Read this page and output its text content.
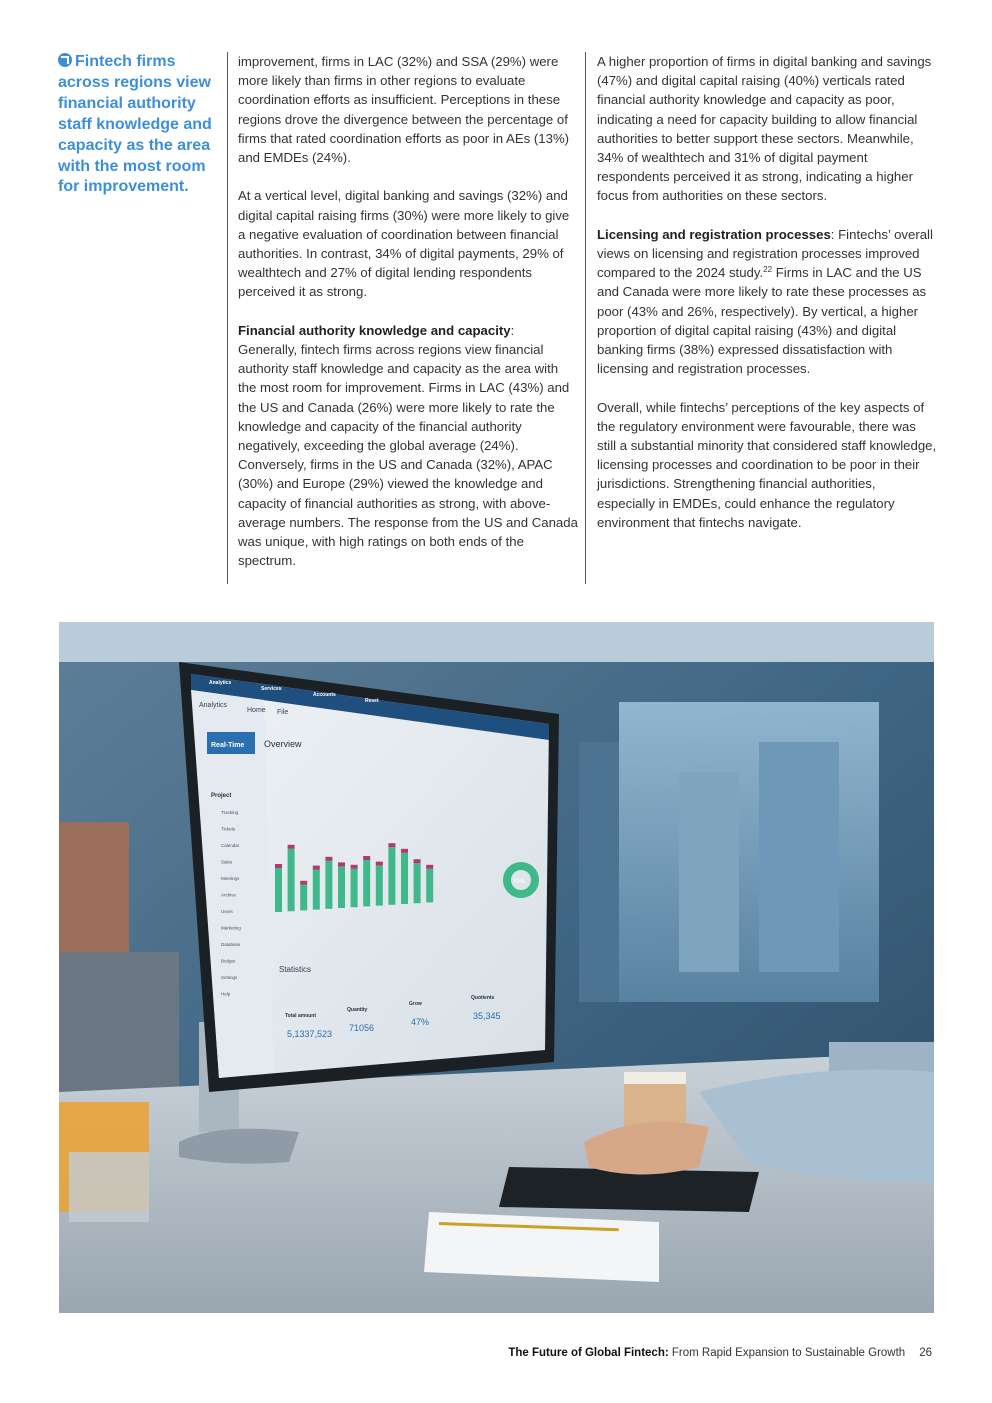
Fintech firms across regions view financial authority staff knowledge and capacity as the area with the most room for improvement.

improvement, firms in LAC (32%) and SSA (29%) were more likely than firms in other regions to evaluate coordination efforts as insufficient. Perceptions in these regions drove the divergence between the percentage of firms that rated coordination efforts as poor in AEs (13%) and EMDEs (24%).

At a vertical level, digital banking and savings (32%) and digital capital raising firms (30%) were more likely to give a negative evaluation of coordination between financial authorities. In contrast, 34% of digital payments, 29% of wealthtech and 27% of digital lending respondents perceived it as strong.

Financial authority knowledge and capacity:
Generally, fintech firms across regions view financial authority staff knowledge and capacity as the area with the most room for improvement. Firms in LAC (43%) and the US and Canada (26%) were more likely to rate the knowledge and capacity of the financial authority negatively, exceeding the global average (24%). Conversely, firms in the US and Canada (32%), APAC (30%) and Europe (29%) viewed the knowledge and capacity of financial authorities as strong, with above-average numbers. The response from the US and Canada was unique, with high ratings on both ends of the spectrum.

A higher proportion of firms in digital banking and savings (47%) and digital capital raising (40%) verticals rated financial authority knowledge and capacity as poor, indicating a need for capacity building to allow financial authorities to better support these sectors. Meanwhile, 34% of wealthtech and 31% of digital payment respondents perceived it as strong, indicating a higher focus from authorities on these sectors.

Licensing and registration processes: Fintechs’ overall views on licensing and registration processes improved compared to the 2024 study.$^{22}$ Firms in LAC and the US and Canada were more likely to rate these processes as poor (43% and 26%, respectively). By vertical, a higher proportion of digital capital raising (43%) and digital banking firms (38%) expressed dissatisfaction with licensing and registration processes.

Overall, while fintechs’ perceptions of the key aspects of the regulatory environment were favourable, there was still a substantial minority that considered staff knowledge, licensing processes and coordination to be poor in their jurisdictions. Strengthening financial authorities, especially in EMDEs, could enhance the regulatory environment that fintechs navigate.

Analytics
Services
Accounts
Reset
Analytics
Home File
Real-Time
Project
Tracking
Tickets
Calendar
Sales
Meetings
Archive
Users
Marketing
Database
Budget
Settings
Help
Overview
Statistics
Total amount
5,1337,523
Quantity
71056
Grow
47%
Quotients
35,345
70%
The Future of Global Fintech: From Rapid Expansion to Sustainable Growth 26
